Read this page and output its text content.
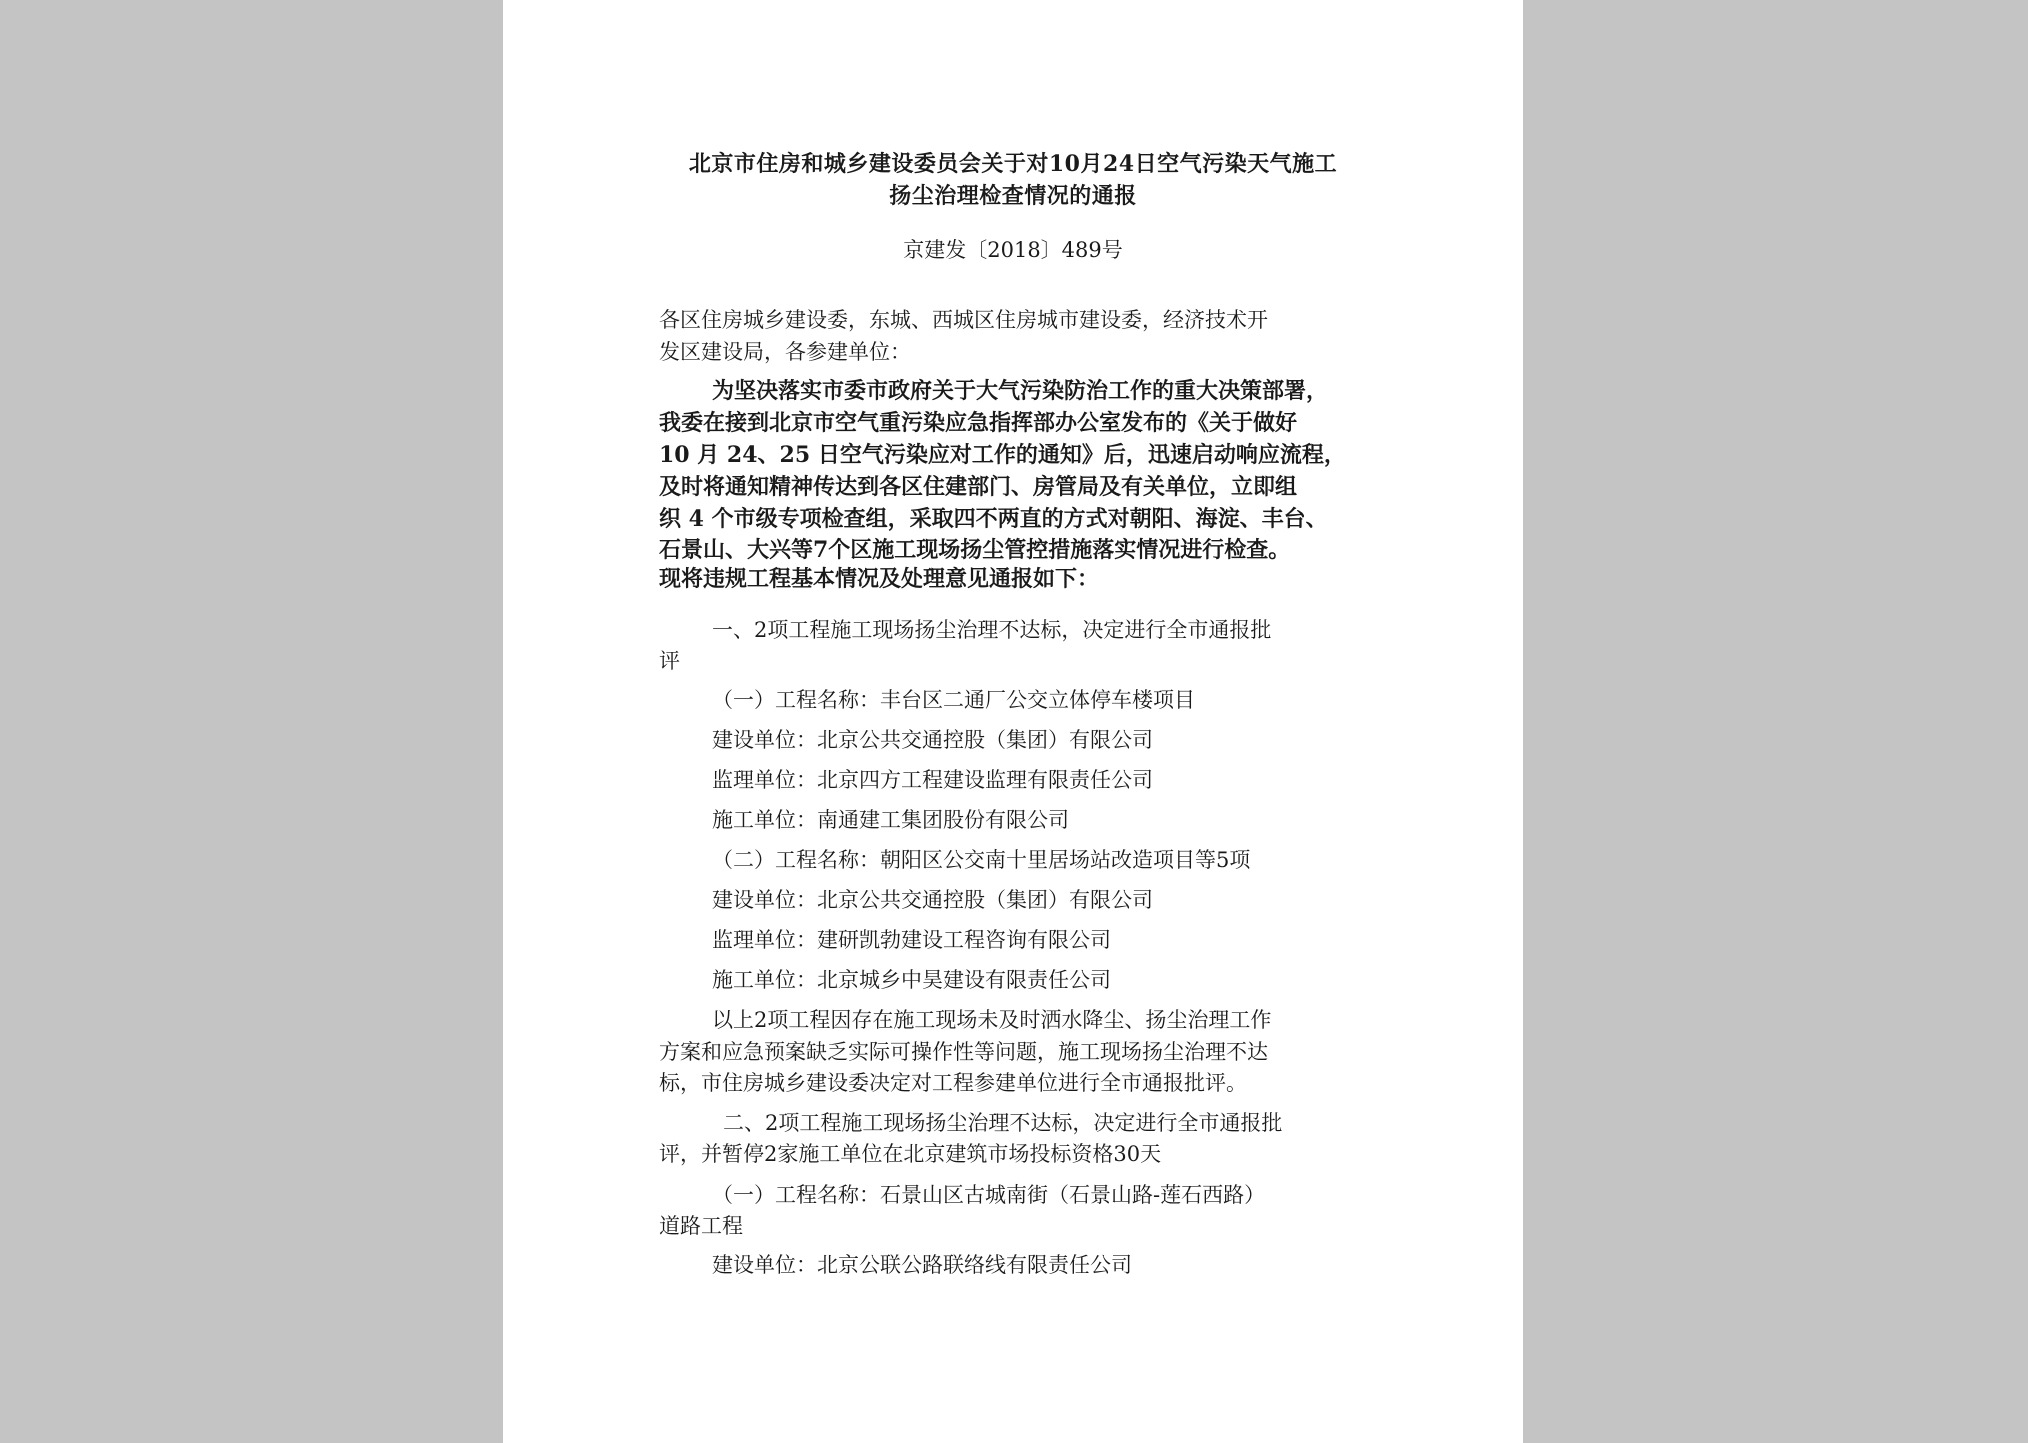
北京市住房和城乡建设委员会关于对10月24日空气污染天气施工
扬尘治理检查情况的通报
京建发〔2018〕489号
各区住房城乡建设委，东城、西城区住房城市建设委，经济技术开
发区建设局，各参建单位：
为坚决落实市委市政府关于大气污染防治工作的重大决策部署，
我委在接到北京市空气重污染应急指挥部办公室发布的《关于做好
10 月 24、25 日空气污染应对工作的通知》后，迅速启动响应流程，
及时将通知精神传达到各区住建部门、房管局及有关单位，立即组
织 4 个市级专项检查组，采取四不两直的方式对朝阳、海淀、丰台、
石景山、大兴等7个区施工现场扬尘管控措施落实情况进行检查。
现将违规工程基本情况及处理意见通报如下：
一、2项工程施工现场扬尘治理不达标，决定进行全市通报批
评
（一）工程名称：丰台区二通厂公交立体停车楼项目
建设单位：北京公共交通控股（集团）有限公司
监理单位：北京四方工程建设监理有限责任公司
施工单位：南通建工集团股份有限公司
（二）工程名称：朝阳区公交南十里居场站改造项目等5项
建设单位：北京公共交通控股（集团）有限公司
监理单位：建研凯勃建设工程咨询有限公司
施工单位：北京城乡中昊建设有限责任公司
以上2项工程因存在施工现场未及时洒水降尘、扬尘治理工作
方案和应急预案缺乏实际可操作性等问题，施工现场扬尘治理不达
标，市住房城乡建设委决定对工程参建单位进行全市通报批评。
二、2项工程施工现场扬尘治理不达标，决定进行全市通报批
评，并暂停2家施工单位在北京建筑市场投标资格30天
（一）工程名称：石景山区古城南街（石景山路-莲石西路）
道路工程
建设单位：北京公联公路联络线有限责任公司
